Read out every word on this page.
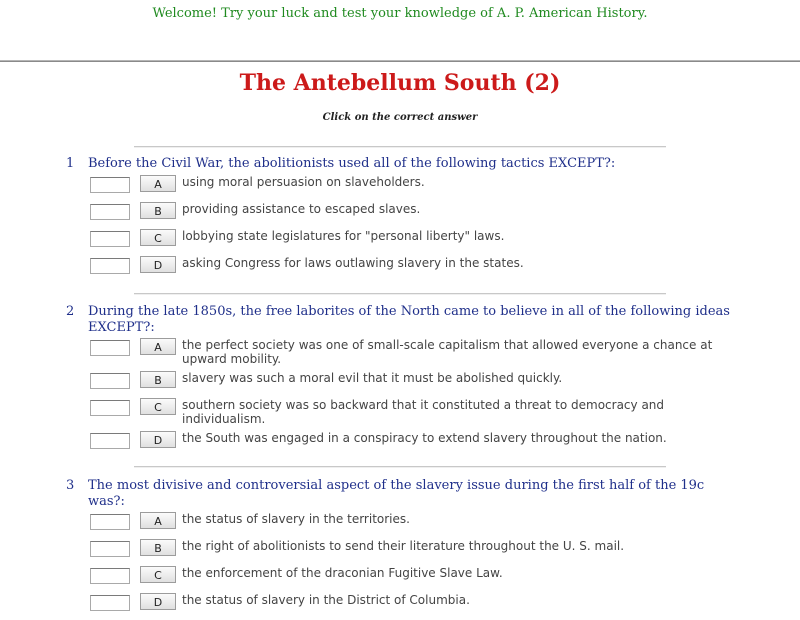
Welcome! Try your luck and test your knowledge of A. P. American History.
The Antebellum South (2)
Click on the correct answer
1	Before the Civil War, the abolitionists used all of the following tactics EXCEPT?:
A	using moral persuasion on slaveholders.
B	providing assistance to escaped slaves.
C	lobbying state legislatures for "personal liberty" laws.
D	asking Congress for laws outlawing slavery in the states.
2	During the late 1850s, the free laborites of the North came to believe in all of the following ideas EXCEPT?:
A	the perfect society was one of small-scale capitalism that allowed everyone a chance at upward mobility.
B	slavery was such a moral evil that it must be abolished quickly.
C	southern society was so backward that it constituted a threat to democracy and individualism.
D	the South was engaged in a conspiracy to extend slavery throughout the nation.
3	The most divisive and controversial aspect of the slavery issue during the first half of the 19c was?:
A	the status of slavery in the territories.
B	the right of abolitionists to send their literature throughout the U. S. mail.
C	the enforcement of the draconian Fugitive Slave Law.
D	the status of slavery in the District of Columbia.
